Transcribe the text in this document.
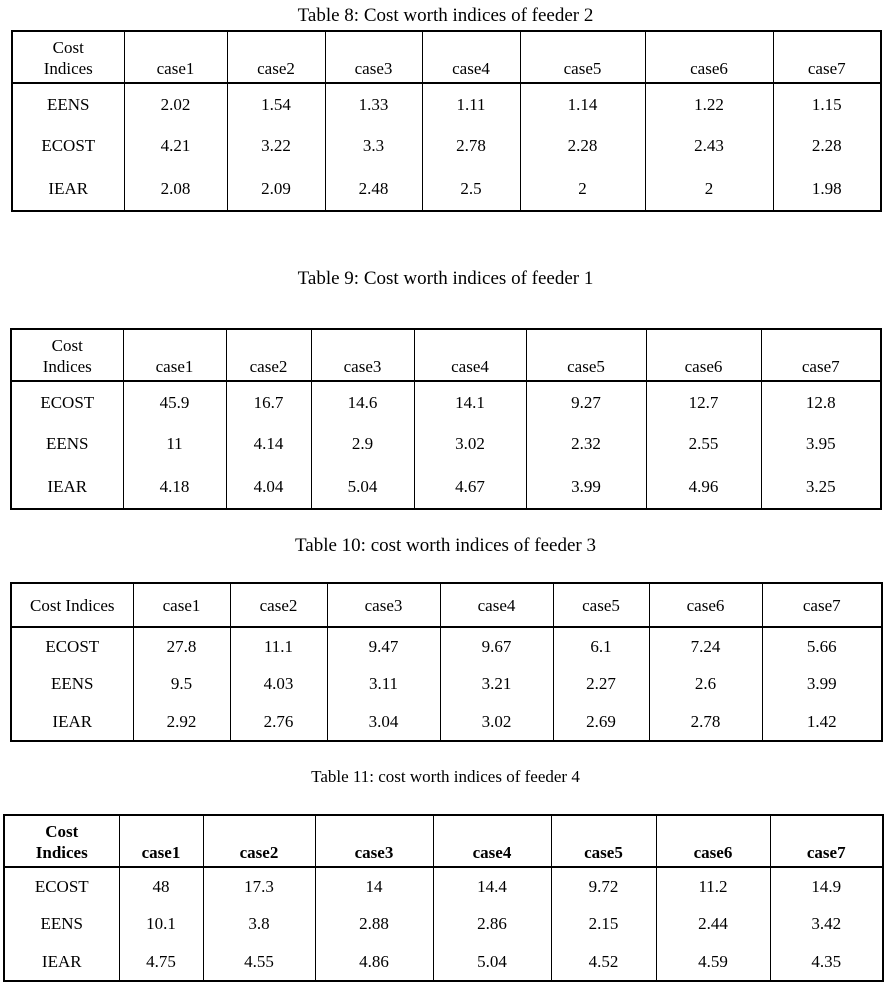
Table 8: Cost worth indices of feeder 2
Table 9: Cost worth indices of feeder 1
Table 10: cost worth indices of feeder 3
Table 11: cost worth indices of feeder 4
Cost
Indices	case1	case2	case3	case4	case5	case6	case7
EENS	2.02	1.54	1.33	1.11	1.14	1.22	1.15
ECOST	4.21	3.22	3.3	2.78	2.28	2.43	2.28
IEAR	2.08	2.09	2.48	2.5	2	2	1.98
Cost
Indices	case1	case2	case3	case4	case5	case6	case7
ECOST	45.9	16.7	14.6	14.1	9.27	12.7	12.8
EENS	11	4.14	2.9	3.02	2.32	2.55	3.95
IEAR	4.18	4.04	5.04	4.67	3.99	4.96	3.25
Cost Indices	case1	case2	case3	case4	case5	case6	case7
ECOST	27.8	11.1	9.47	9.67	6.1	7.24	5.66
EENS	9.5	4.03	3.11	3.21	2.27	2.6	3.99
IEAR	2.92	2.76	3.04	3.02	2.69	2.78	1.42
Cost
Indices	case1	case2	case3	case4	case5	case6	case7
ECOST	48	17.3	14	14.4	9.72	11.2	14.9
EENS	10.1	3.8	2.88	2.86	2.15	2.44	3.42
IEAR	4.75	4.55	4.86	5.04	4.52	4.59	4.35
